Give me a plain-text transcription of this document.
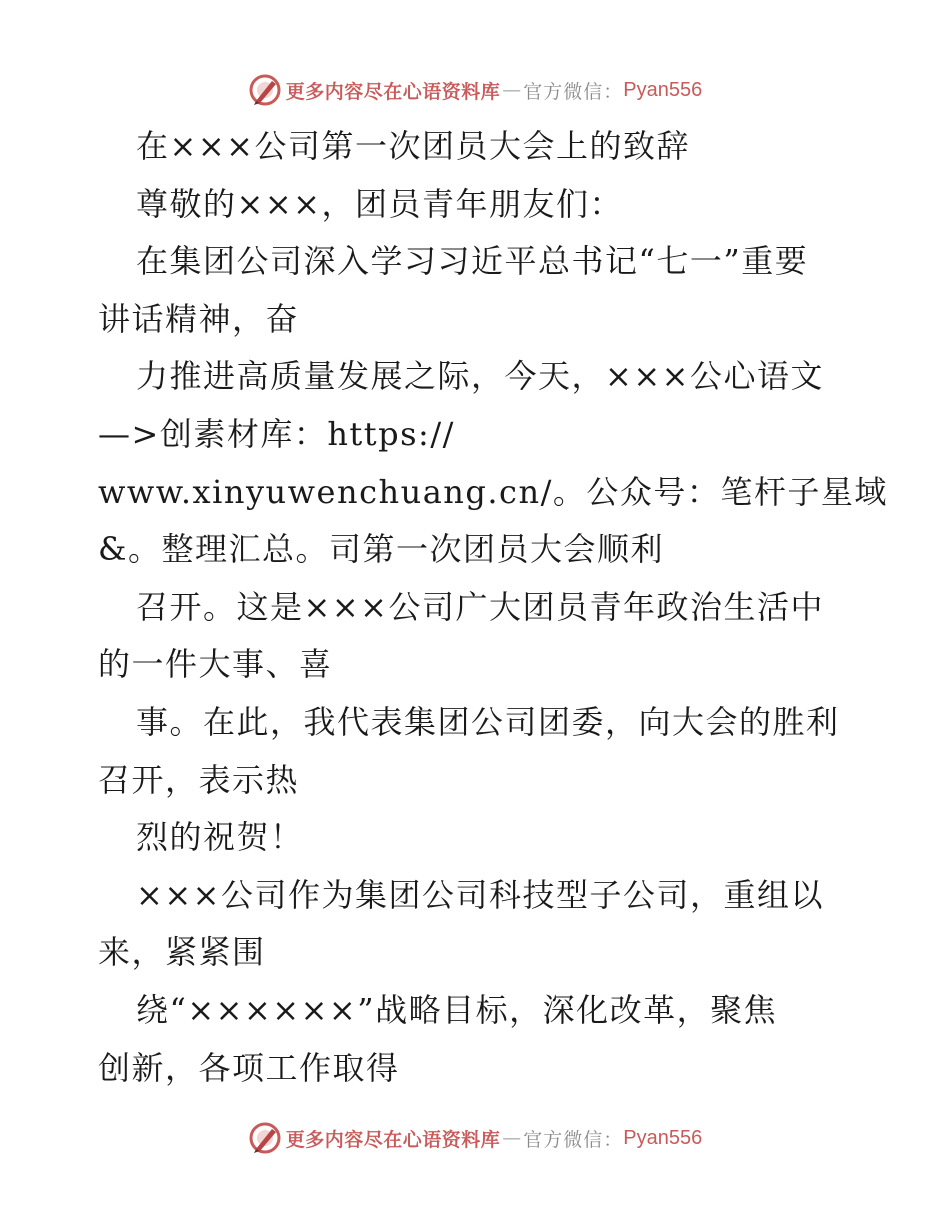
更多内容尽在心语资料库 — 官方微信： Pyan556
在×××公司第一次团员大会上的致辞
尊敬的×××，团员青年朋友们：
在集团公司深入学习习近平总书记“七一”重要
讲话精神，奋
力推进高质量发展之际，今天，×××公心语文
—>创素材库：https://
www.xinyuwenchuang.cn/。公众号：笔杆子星域
&。整理汇总。司第一次团员大会顺利
召开。这是×××公司广大团员青年政治生活中
的一件大事、喜
事。在此，我代表集团公司团委，向大会的胜利
召开，表示热
烈的祝贺！
×××公司作为集团公司科技型子公司，重组以
来，紧紧围
绕“××××××”战略目标，深化改革，聚焦
创新，各项工作取得
更多内容尽在心语资料库 — 官方微信： Pyan556
